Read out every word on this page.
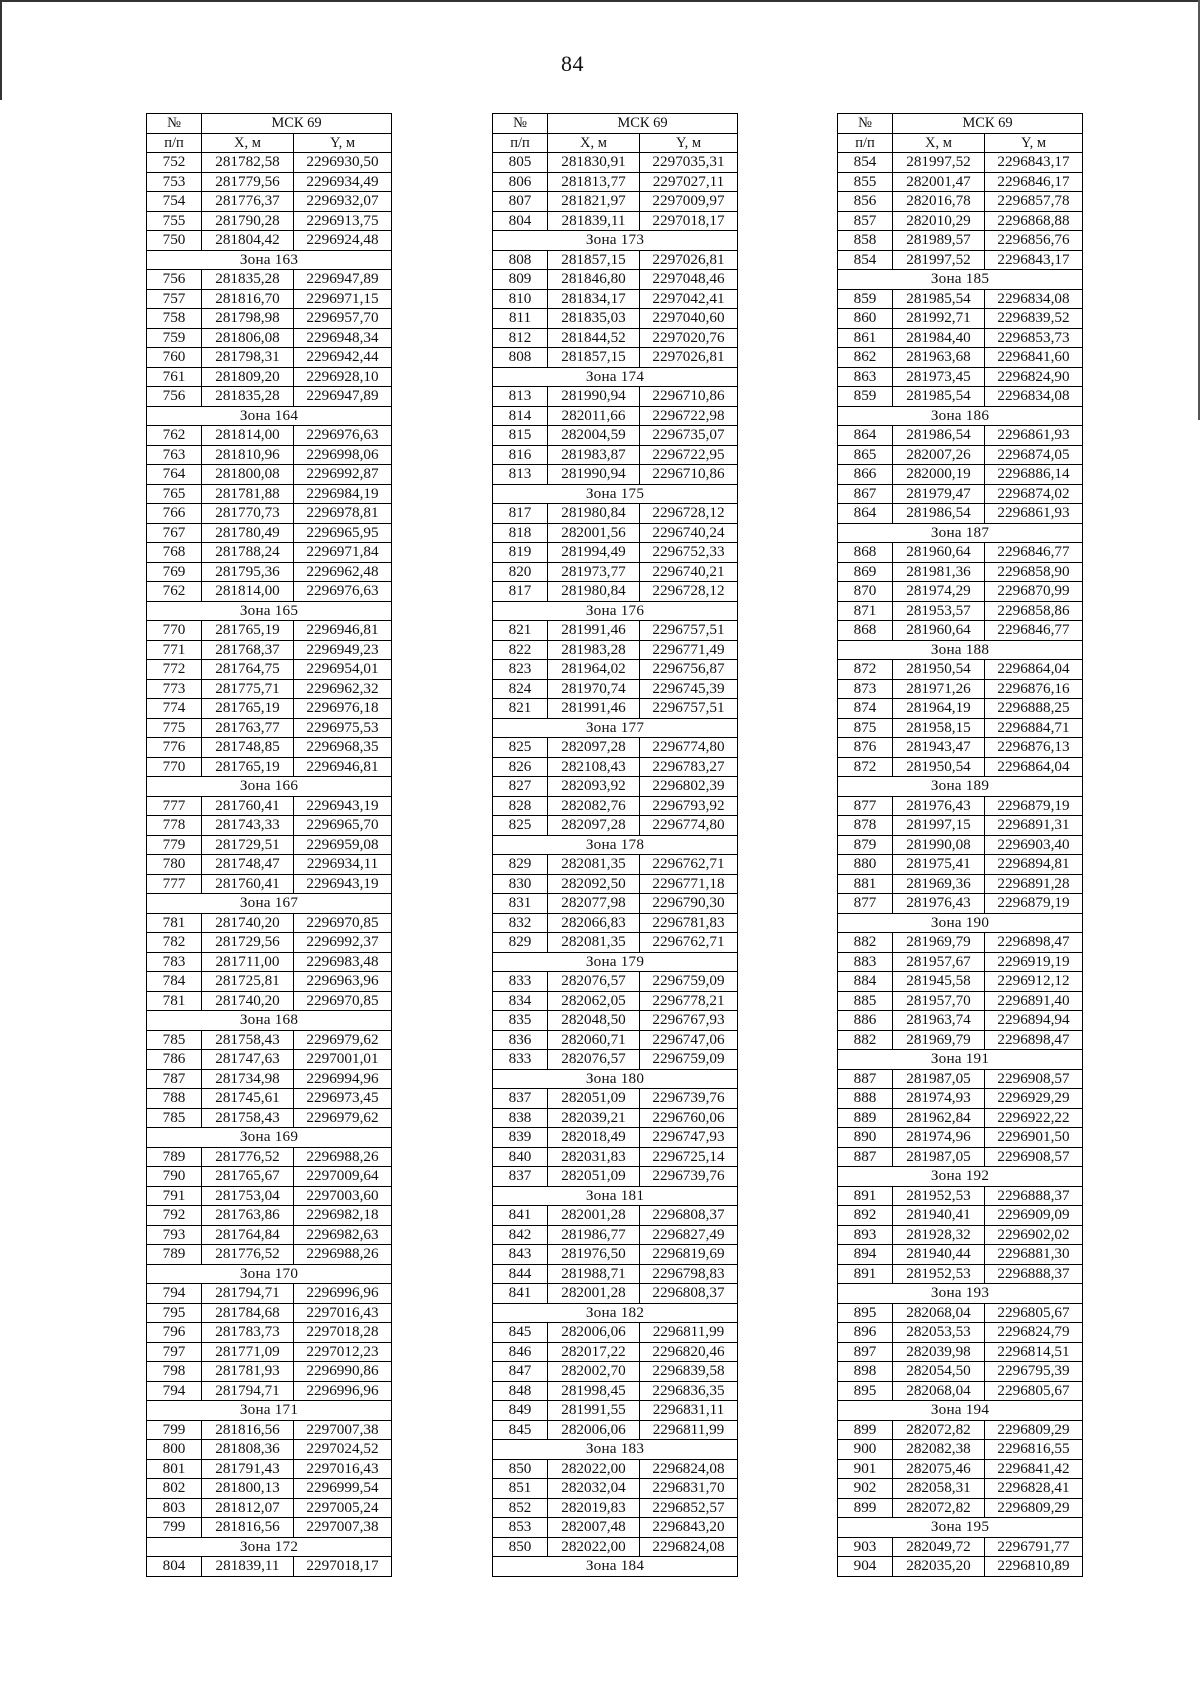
84
№	МСК 69	
п/п	X, м	Y, м
752	281782,58	2296930,50
753	281779,56	2296934,49
754	281776,37	2296932,07
755	281790,28	2296913,75
750	281804,42	2296924,48
Зона 163		
756	281835,28	2296947,89
757	281816,70	2296971,15
758	281798,98	2296957,70
759	281806,08	2296948,34
760	281798,31	2296942,44
761	281809,20	2296928,10
756	281835,28	2296947,89
Зона 164		
762	281814,00	2296976,63
763	281810,96	2296998,06
764	281800,08	2296992,87
765	281781,88	2296984,19
766	281770,73	2296978,81
767	281780,49	2296965,95
768	281788,24	2296971,84
769	281795,36	2296962,48
762	281814,00	2296976,63
Зона 165		
770	281765,19	2296946,81
771	281768,37	2296949,23
772	281764,75	2296954,01
773	281775,71	2296962,32
774	281765,19	2296976,18
775	281763,77	2296975,53
776	281748,85	2296968,35
770	281765,19	2296946,81
Зона 166		
777	281760,41	2296943,19
778	281743,33	2296965,70
779	281729,51	2296959,08
780	281748,47	2296934,11
777	281760,41	2296943,19
Зона 167		
781	281740,20	2296970,85
782	281729,56	2296992,37
783	281711,00	2296983,48
784	281725,81	2296963,96
781	281740,20	2296970,85
Зона 168		
785	281758,43	2296979,62
786	281747,63	2297001,01
787	281734,98	2296994,96
788	281745,61	2296973,45
785	281758,43	2296979,62
Зона 169		
789	281776,52	2296988,26
790	281765,67	2297009,64
791	281753,04	2297003,60
792	281763,86	2296982,18
793	281764,84	2296982,63
789	281776,52	2296988,26
Зона 170		
794	281794,71	2296996,96
795	281784,68	2297016,43
796	281783,73	2297018,28
797	281771,09	2297012,23
798	281781,93	2296990,86
794	281794,71	2296996,96
Зона 171		
799	281816,56	2297007,38
800	281808,36	2297024,52
801	281791,43	2297016,43
802	281800,13	2296999,54
803	281812,07	2297005,24
799	281816,56	2297007,38
Зона 172		
804	281839,11	2297018,17
№	МСК 69	
п/п	X, м	Y, м
805	281830,91	2297035,31
806	281813,77	2297027,11
807	281821,97	2297009,97
804	281839,11	2297018,17
Зона 173		
808	281857,15	2297026,81
809	281846,80	2297048,46
810	281834,17	2297042,41
811	281835,03	2297040,60
812	281844,52	2297020,76
808	281857,15	2297026,81
Зона 174		
813	281990,94	2296710,86
814	282011,66	2296722,98
815	282004,59	2296735,07
816	281983,87	2296722,95
813	281990,94	2296710,86
Зона 175		
817	281980,84	2296728,12
818	282001,56	2296740,24
819	281994,49	2296752,33
820	281973,77	2296740,21
817	281980,84	2296728,12
Зона 176		
821	281991,46	2296757,51
822	281983,28	2296771,49
823	281964,02	2296756,87
824	281970,74	2296745,39
821	281991,46	2296757,51
Зона 177		
825	282097,28	2296774,80
826	282108,43	2296783,27
827	282093,92	2296802,39
828	282082,76	2296793,92
825	282097,28	2296774,80
Зона 178		
829	282081,35	2296762,71
830	282092,50	2296771,18
831	282077,98	2296790,30
832	282066,83	2296781,83
829	282081,35	2296762,71
Зона 179		
833	282076,57	2296759,09
834	282062,05	2296778,21
835	282048,50	2296767,93
836	282060,71	2296747,06
833	282076,57	2296759,09
Зона 180		
837	282051,09	2296739,76
838	282039,21	2296760,06
839	282018,49	2296747,93
840	282031,83	2296725,14
837	282051,09	2296739,76
Зона 181		
841	282001,28	2296808,37
842	281986,77	2296827,49
843	281976,50	2296819,69
844	281988,71	2296798,83
841	282001,28	2296808,37
Зона 182		
845	282006,06	2296811,99
846	282017,22	2296820,46
847	282002,70	2296839,58
848	281998,45	2296836,35
849	281991,55	2296831,11
845	282006,06	2296811,99
Зона 183		
850	282022,00	2296824,08
851	282032,04	2296831,70
852	282019,83	2296852,57
853	282007,48	2296843,20
850	282022,00	2296824,08
Зона 184		
№	МСК 69	
п/п	X, м	Y, м
854	281997,52	2296843,17
855	282001,47	2296846,17
856	282016,78	2296857,78
857	282010,29	2296868,88
858	281989,57	2296856,76
854	281997,52	2296843,17
Зона 185		
859	281985,54	2296834,08
860	281992,71	2296839,52
861	281984,40	2296853,73
862	281963,68	2296841,60
863	281973,45	2296824,90
859	281985,54	2296834,08
Зона 186		
864	281986,54	2296861,93
865	282007,26	2296874,05
866	282000,19	2296886,14
867	281979,47	2296874,02
864	281986,54	2296861,93
Зона 187		
868	281960,64	2296846,77
869	281981,36	2296858,90
870	281974,29	2296870,99
871	281953,57	2296858,86
868	281960,64	2296846,77
Зона 188		
872	281950,54	2296864,04
873	281971,26	2296876,16
874	281964,19	2296888,25
875	281958,15	2296884,71
876	281943,47	2296876,13
872	281950,54	2296864,04
Зона 189		
877	281976,43	2296879,19
878	281997,15	2296891,31
879	281990,08	2296903,40
880	281975,41	2296894,81
881	281969,36	2296891,28
877	281976,43	2296879,19
Зона 190		
882	281969,79	2296898,47
883	281957,67	2296919,19
884	281945,58	2296912,12
885	281957,70	2296891,40
886	281963,74	2296894,94
882	281969,79	2296898,47
Зона 191		
887	281987,05	2296908,57
888	281974,93	2296929,29
889	281962,84	2296922,22
890	281974,96	2296901,50
887	281987,05	2296908,57
Зона 192		
891	281952,53	2296888,37
892	281940,41	2296909,09
893	281928,32	2296902,02
894	281940,44	2296881,30
891	281952,53	2296888,37
Зона 193		
895	282068,04	2296805,67
896	282053,53	2296824,79
897	282039,98	2296814,51
898	282054,50	2296795,39
895	282068,04	2296805,67
Зона 194		
899	282072,82	2296809,29
900	282082,38	2296816,55
901	282075,46	2296841,42
902	282058,31	2296828,41
899	282072,82	2296809,29
Зона 195		
903	282049,72	2296791,77
904	282035,20	2296810,89
